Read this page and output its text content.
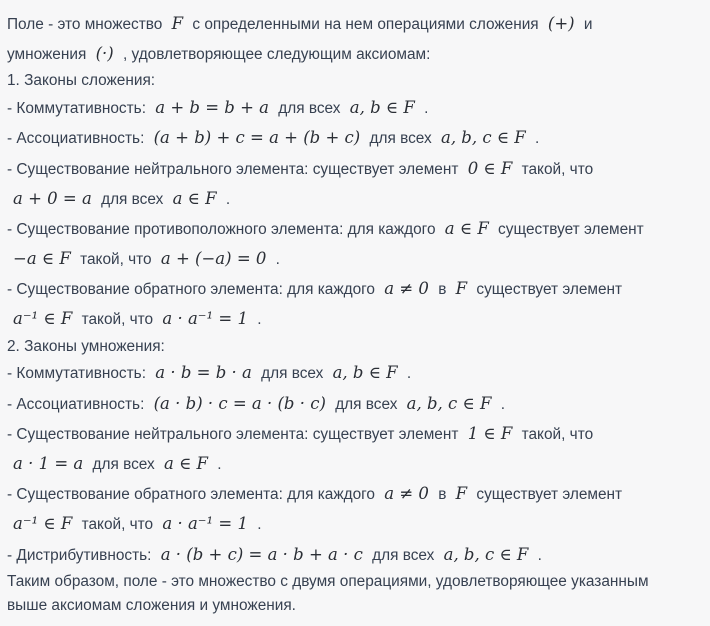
Поле - это множество F с определенными на нем операциями сложения (+) и
умножения (·) , удовлетворяющее следующим аксиомам:
1. Законы сложения:
- Коммутативность: a + b = b + a для всех a, b ∈ F .
- Ассоциативность: (a + b) + c = a + (b + c) для всех a, b, c ∈ F .
- Существование нейтрального элемента: существует элемент 0 ∈ F такой, что
a + 0 = a для всех a ∈ F .
- Существование противоположного элемента: для каждого a ∈ F существует элемент
−a ∈ F такой, что a + (−a) = 0 .
- Существование обратного элемента: для каждого a ≠ 0 в F существует элемент
a⁻¹ ∈ F такой, что a · a⁻¹ = 1 .
2. Законы умножения:
- Коммутативность: a · b = b · a для всех a, b ∈ F .
- Ассоциативность: (a · b) · c = a · (b · c) для всех a, b, c ∈ F .
- Существование нейтрального элемента: существует элемент 1 ∈ F такой, что
a · 1 = a для всех a ∈ F .
- Существование обратного элемента: для каждого a ≠ 0 в F существует элемент
a⁻¹ ∈ F такой, что a · a⁻¹ = 1 .
- Дистрибутивность: a · (b + c) = a · b + a · c для всех a, b, c ∈ F .
Таким образом, поле - это множество с двумя операциями, удовлетворяющее указанным
выше аксиомам сложения и умножения.
